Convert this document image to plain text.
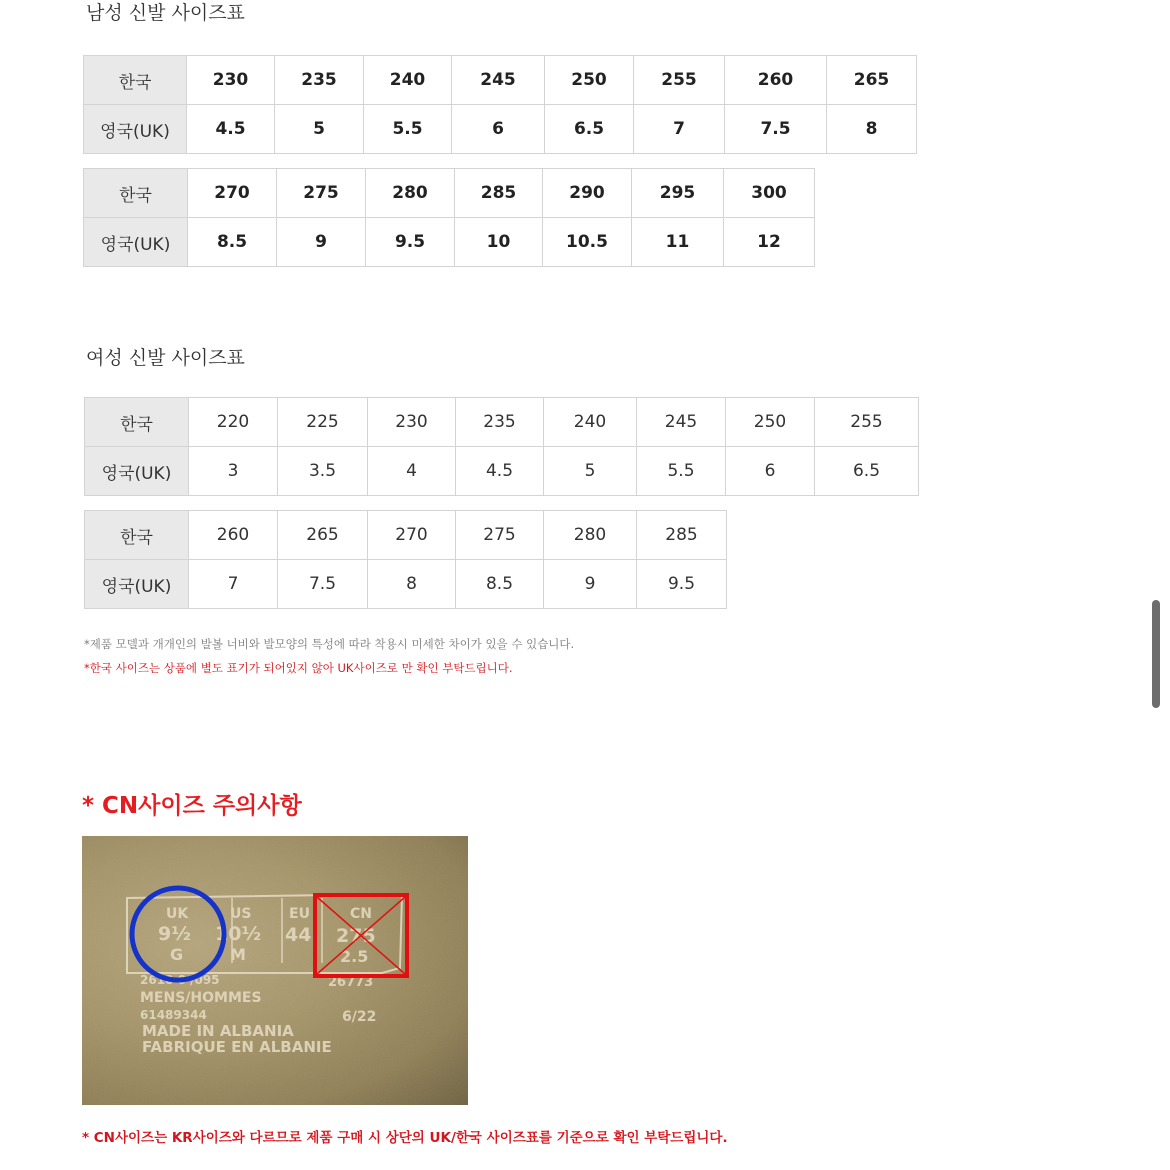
남성 신발 사이즈표
한국	230	235	240	245	250	255	260	265
영국(UK)	4.5	5	5.5	6	6.5	7	7.5	8
한국	270	275	280	285	290	295	300
영국(UK)	8.5	9	9.5	10	10.5	11	12
여성 신발 사이즈표
한국	220	225	230	235	240	245	250	255
영국(UK)	3	3.5	4	4.5	5	5.5	6	6.5
한국	260	265	270	275	280	285
영국(UK)	7	7.5	8	8.5	9	9.5
*제품 모델과 개개인의 발볼 너비와 발모양의 특성에 따라 착용시 미세한 차이가 있을 수 있습니다.
*한국 사이즈는 상품에 별도 표기가 되어있지 않아 UK사이즈로 만 확인 부탁드립니다.
* CN사이즈 주의사항
UK
9½
G
US
10½
M
EU
44
CN
275
2.5
2610 0 /095	26773
MENS/HOMMES
61489344	6/22
MADE IN ALBANIA
FABRIQUE EN ALBANIE
* CN사이즈는 KR사이즈와 다르므로 제품 구매 시 상단의 UK/한국 사이즈표를 기준으로 확인 부탁드립니다.
